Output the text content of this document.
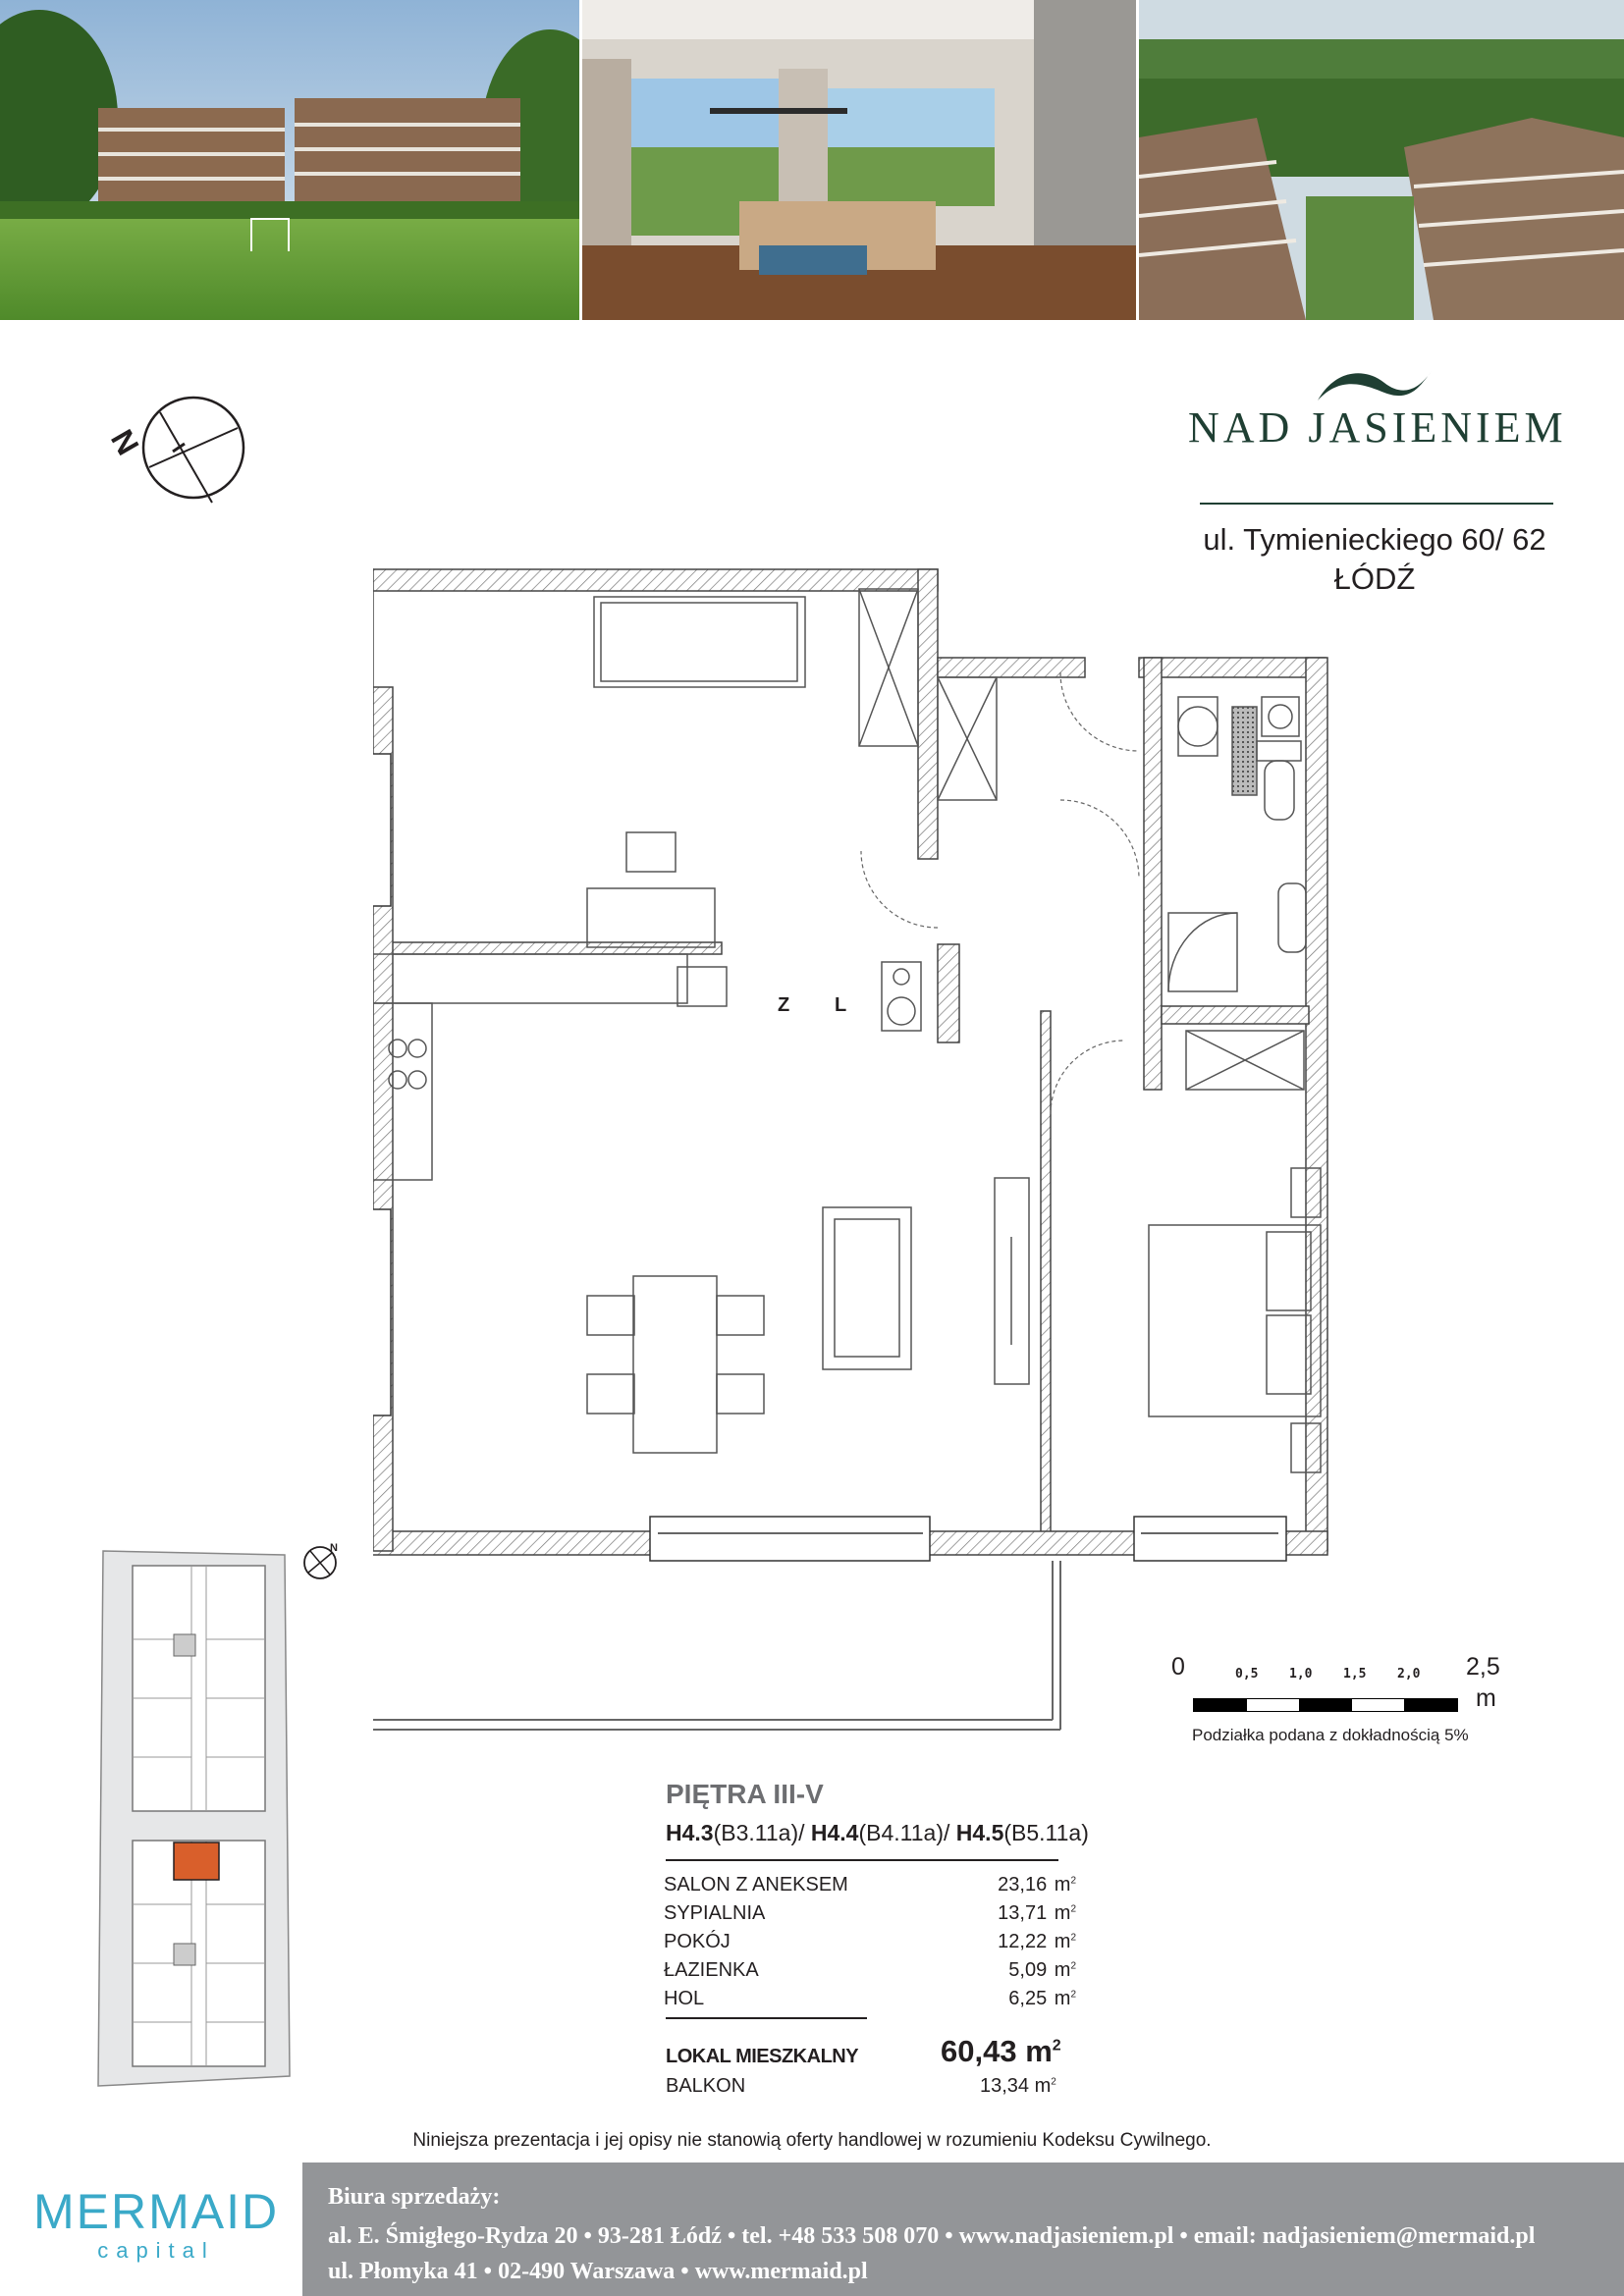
N	NAD JASIENIEM
ul. Tymienieckiego 60/ 62
ŁÓDŹ
Z L
N
0	0,5 1,0 1,5 2,0 2,5
m
Podziałka podana z dokładnością 5%
PIĘTRA III-V
H4.3(B3.11a)/ H4.4(B4.11a)/ H4.5(B5.11a)
SALON Z ANEKSEM	23,16	$m^2$
SYPIALNIA	13,71	$m^2$
POKÓJ	12,22	$m^2$
ŁAZIENKA	5,09	$m^2$
HOL	6,25	$m^2$
LOKAL MIESZKALNY	60,43 $m^2$
BALKON	13,34 $m^2$
Niniejsza prezentacja i jej opisy nie stanowią oferty handlowej w rozumieniu Kodeksu Cywilnego.
MERMAID
capital
Biura sprzedaży:
al. E. Śmigłego-Rydza 20 • 93-281 Łódź • tel. +48 533 508 070 • www.nadjasieniem.pl • email: nadjasieniem@mermaid.pl
ul. Płomyka 41 • 02-490 Warszawa • www.mermaid.pl
